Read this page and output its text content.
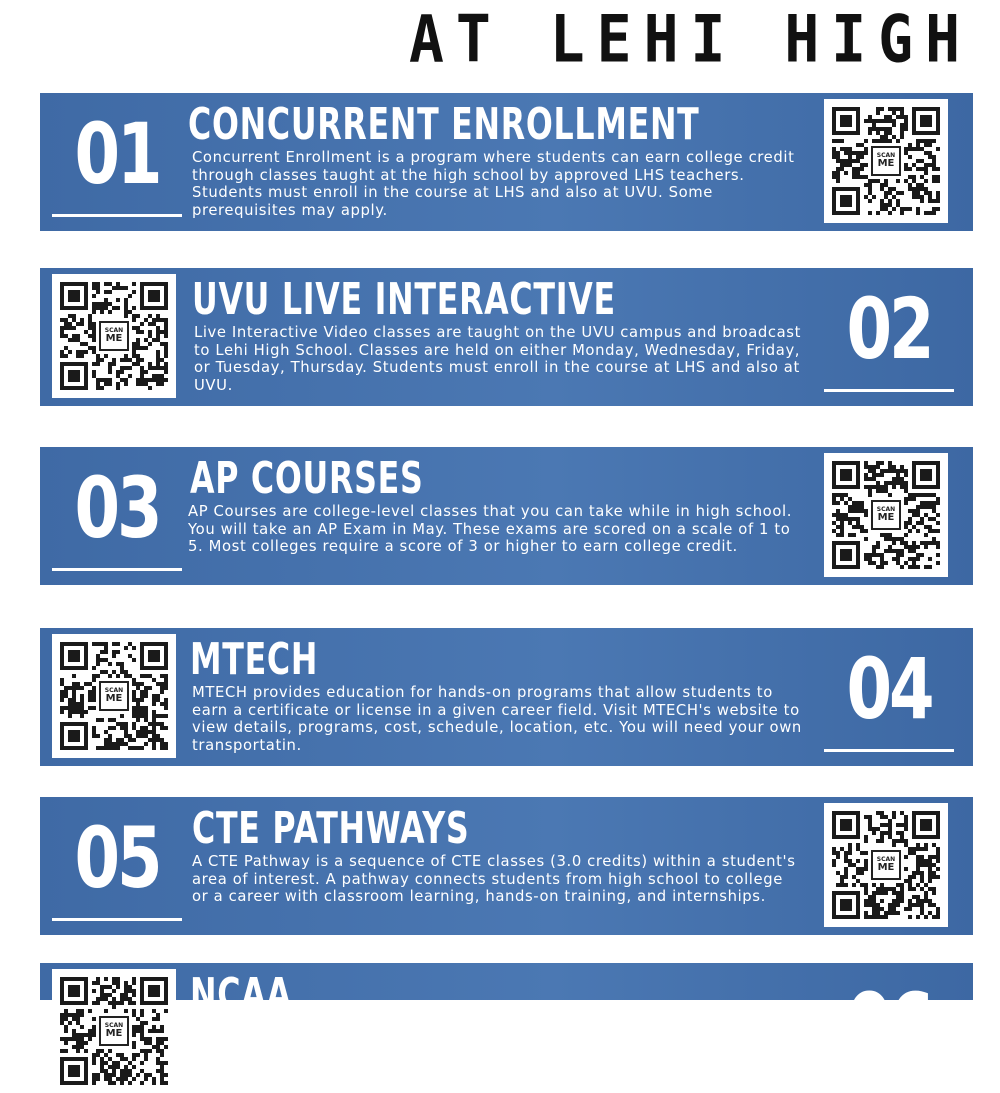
AT LEHI HIGH
01 CONCURRENT ENROLLMENT
Concurrent Enrollment is a program where students can earn college credit through classes taught at the high school by approved LHS teachers. Students must enroll in the course at LHS and also at UVU. Some prerequisites may apply.
SCAN
ME
SCAN
ME
UVU LIVE INTERACTIVE
Live Interactive Video classes are taught on the UVU campus and broadcast to Lehi High School. Classes are held on either Monday, Wednesday, Friday, or Tuesday, Thursday. Students must enroll in the course at LHS and also at UVU.
02
03 AP COURSES
AP Courses are college-level classes that you can take while in high school. You will take an AP Exam in May. These exams are scored on a scale of 1 to 5. Most colleges require a score of 3 or higher to earn college credit.
SCAN
ME
SCAN
ME
MTECH
MTECH provides education for hands-on programs that allow students to earn a certificate or license in a given career field. Visit MTECH's website to view details, programs, cost, schedule, location, etc. You will need your own transportatin.
04
05 CTE PATHWAYS
A CTE Pathway is a sequence of CTE classes (3.0 credits) within a student's area of interest. A pathway connects students from high school to college or a career with classroom learning, hands-on training, and internships.
SCAN
ME
SCAN
ME
NCAA	06
